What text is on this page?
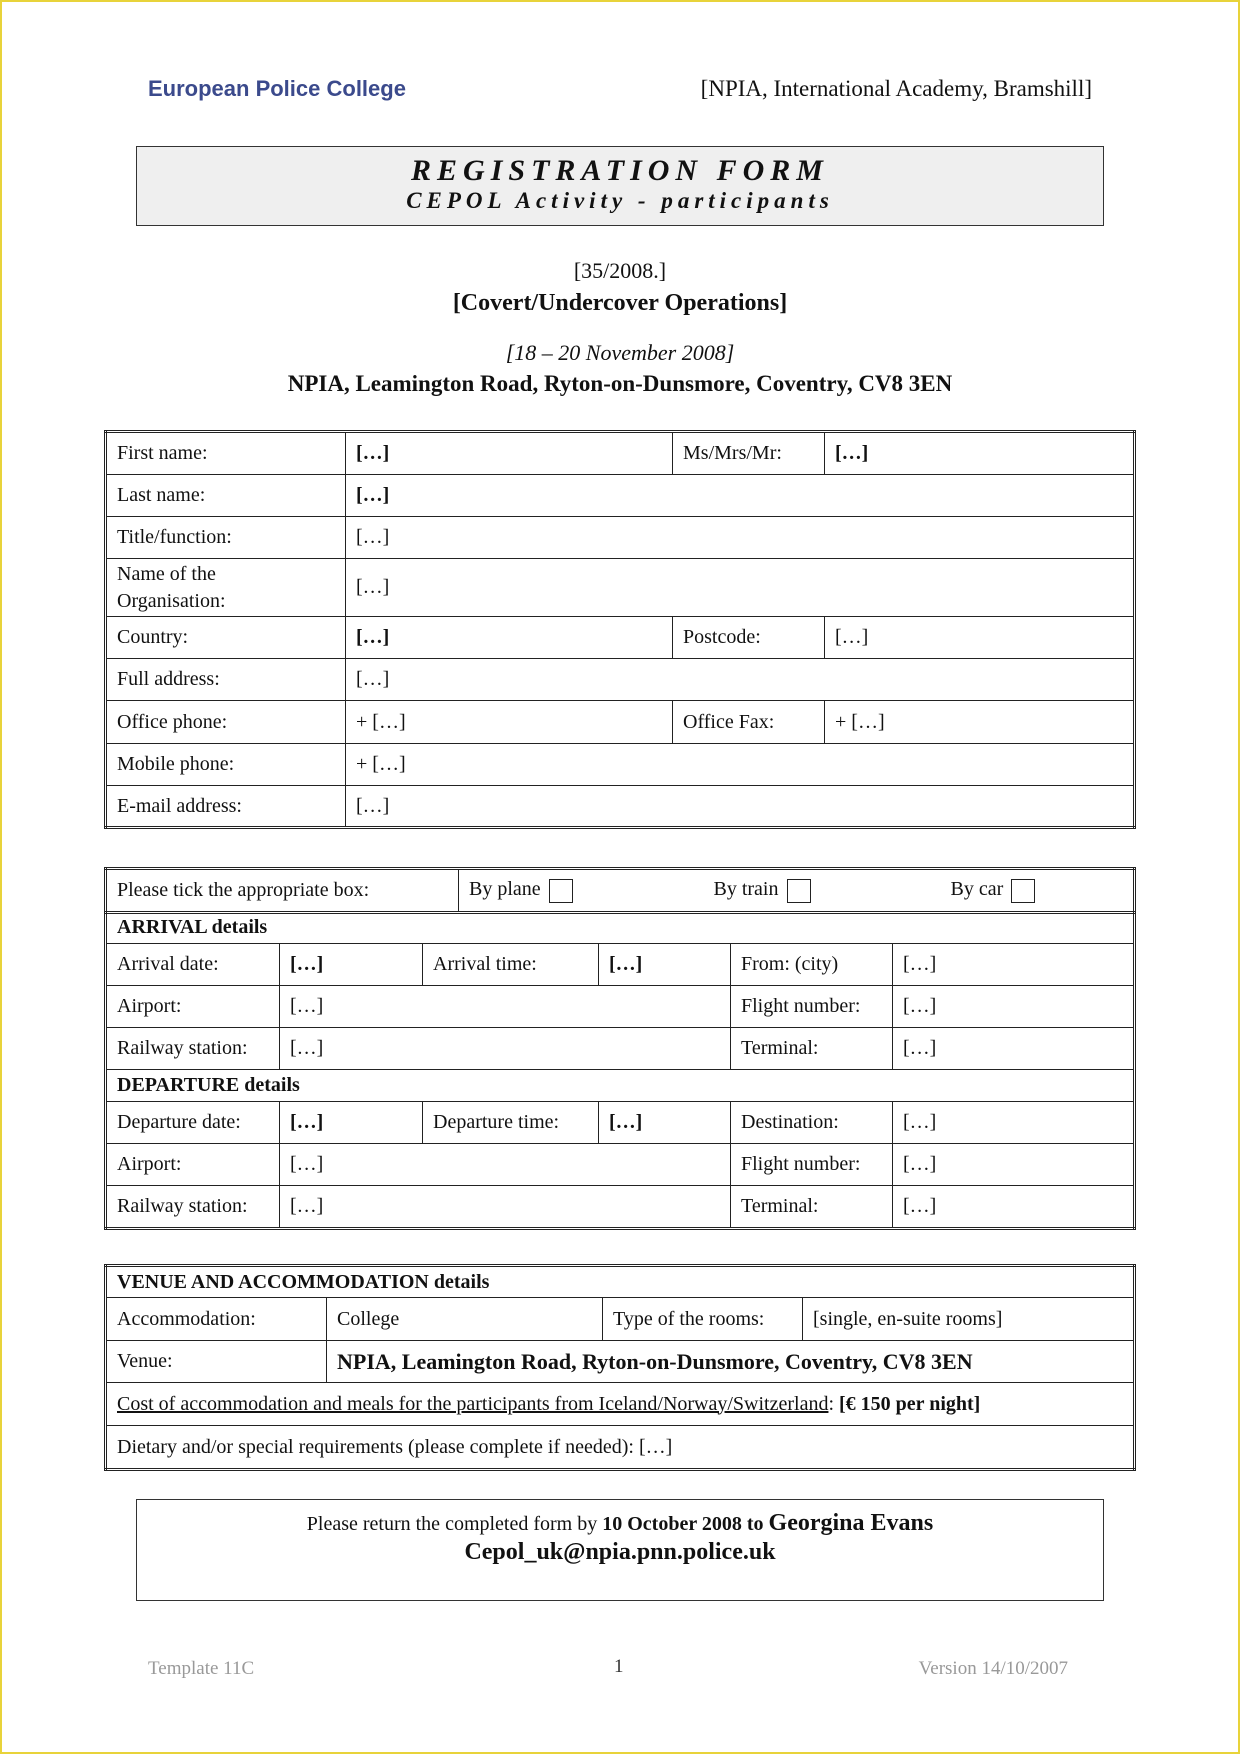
European Police College	[NPIA, International Academy, Bramshill]
REGISTRATION FORM
CEPOL Activity - participants
[35/2008.]
[Covert/Undercover Operations]
[18 – 20 November 2008]
NPIA, Leamington Road, Ryton-on-Dunsmore, Coventry, CV8 3EN
First name:	[…]	Ms/Mrs/Mr:	[…]
Last name:	[…]		
Title/function:	[…]		
Name of the
Organisation:	[…]		
Country:	[…]	Postcode:	[…]
Full address:	[…]		
Office phone:	+ […]	Office Fax:	+ […]
Mobile phone:	+ […]		
E-mail address:	[…]		
Please tick the appropriate box:	By plane	By train	By car
ARRIVAL details					
Arrival date:	[…]	Arrival time:	[…]	From: (city)	[…]
Airport:	[…]			Flight number:	[…]
Railway station:	[…]			Terminal:	[…]
DEPARTURE details					
Departure date:	[…]	Departure time:	[…]	Destination:	[…]
Airport:	[…]			Flight number:	[…]
Railway station:	[…]			Terminal:	[…]
VENUE AND ACCOMMODATION details			
Accommodation:	College	Type of the rooms:	[single, en-suite rooms]
Venue:	NPIA, Leamington Road, Ryton-on-Dunsmore, Coventry, CV8 3EN		
Cost of accommodation and meals for the participants from Iceland/Norway/Switzerland: [€ 150 per night]			
Dietary and/or special requirements (please complete if needed): […]			
Please return the completed form by 10 October 2008 to Georgina Evans
Cepol_uk@npia.pnn.police.uk
Template 11C	1	Version 14/10/2007
